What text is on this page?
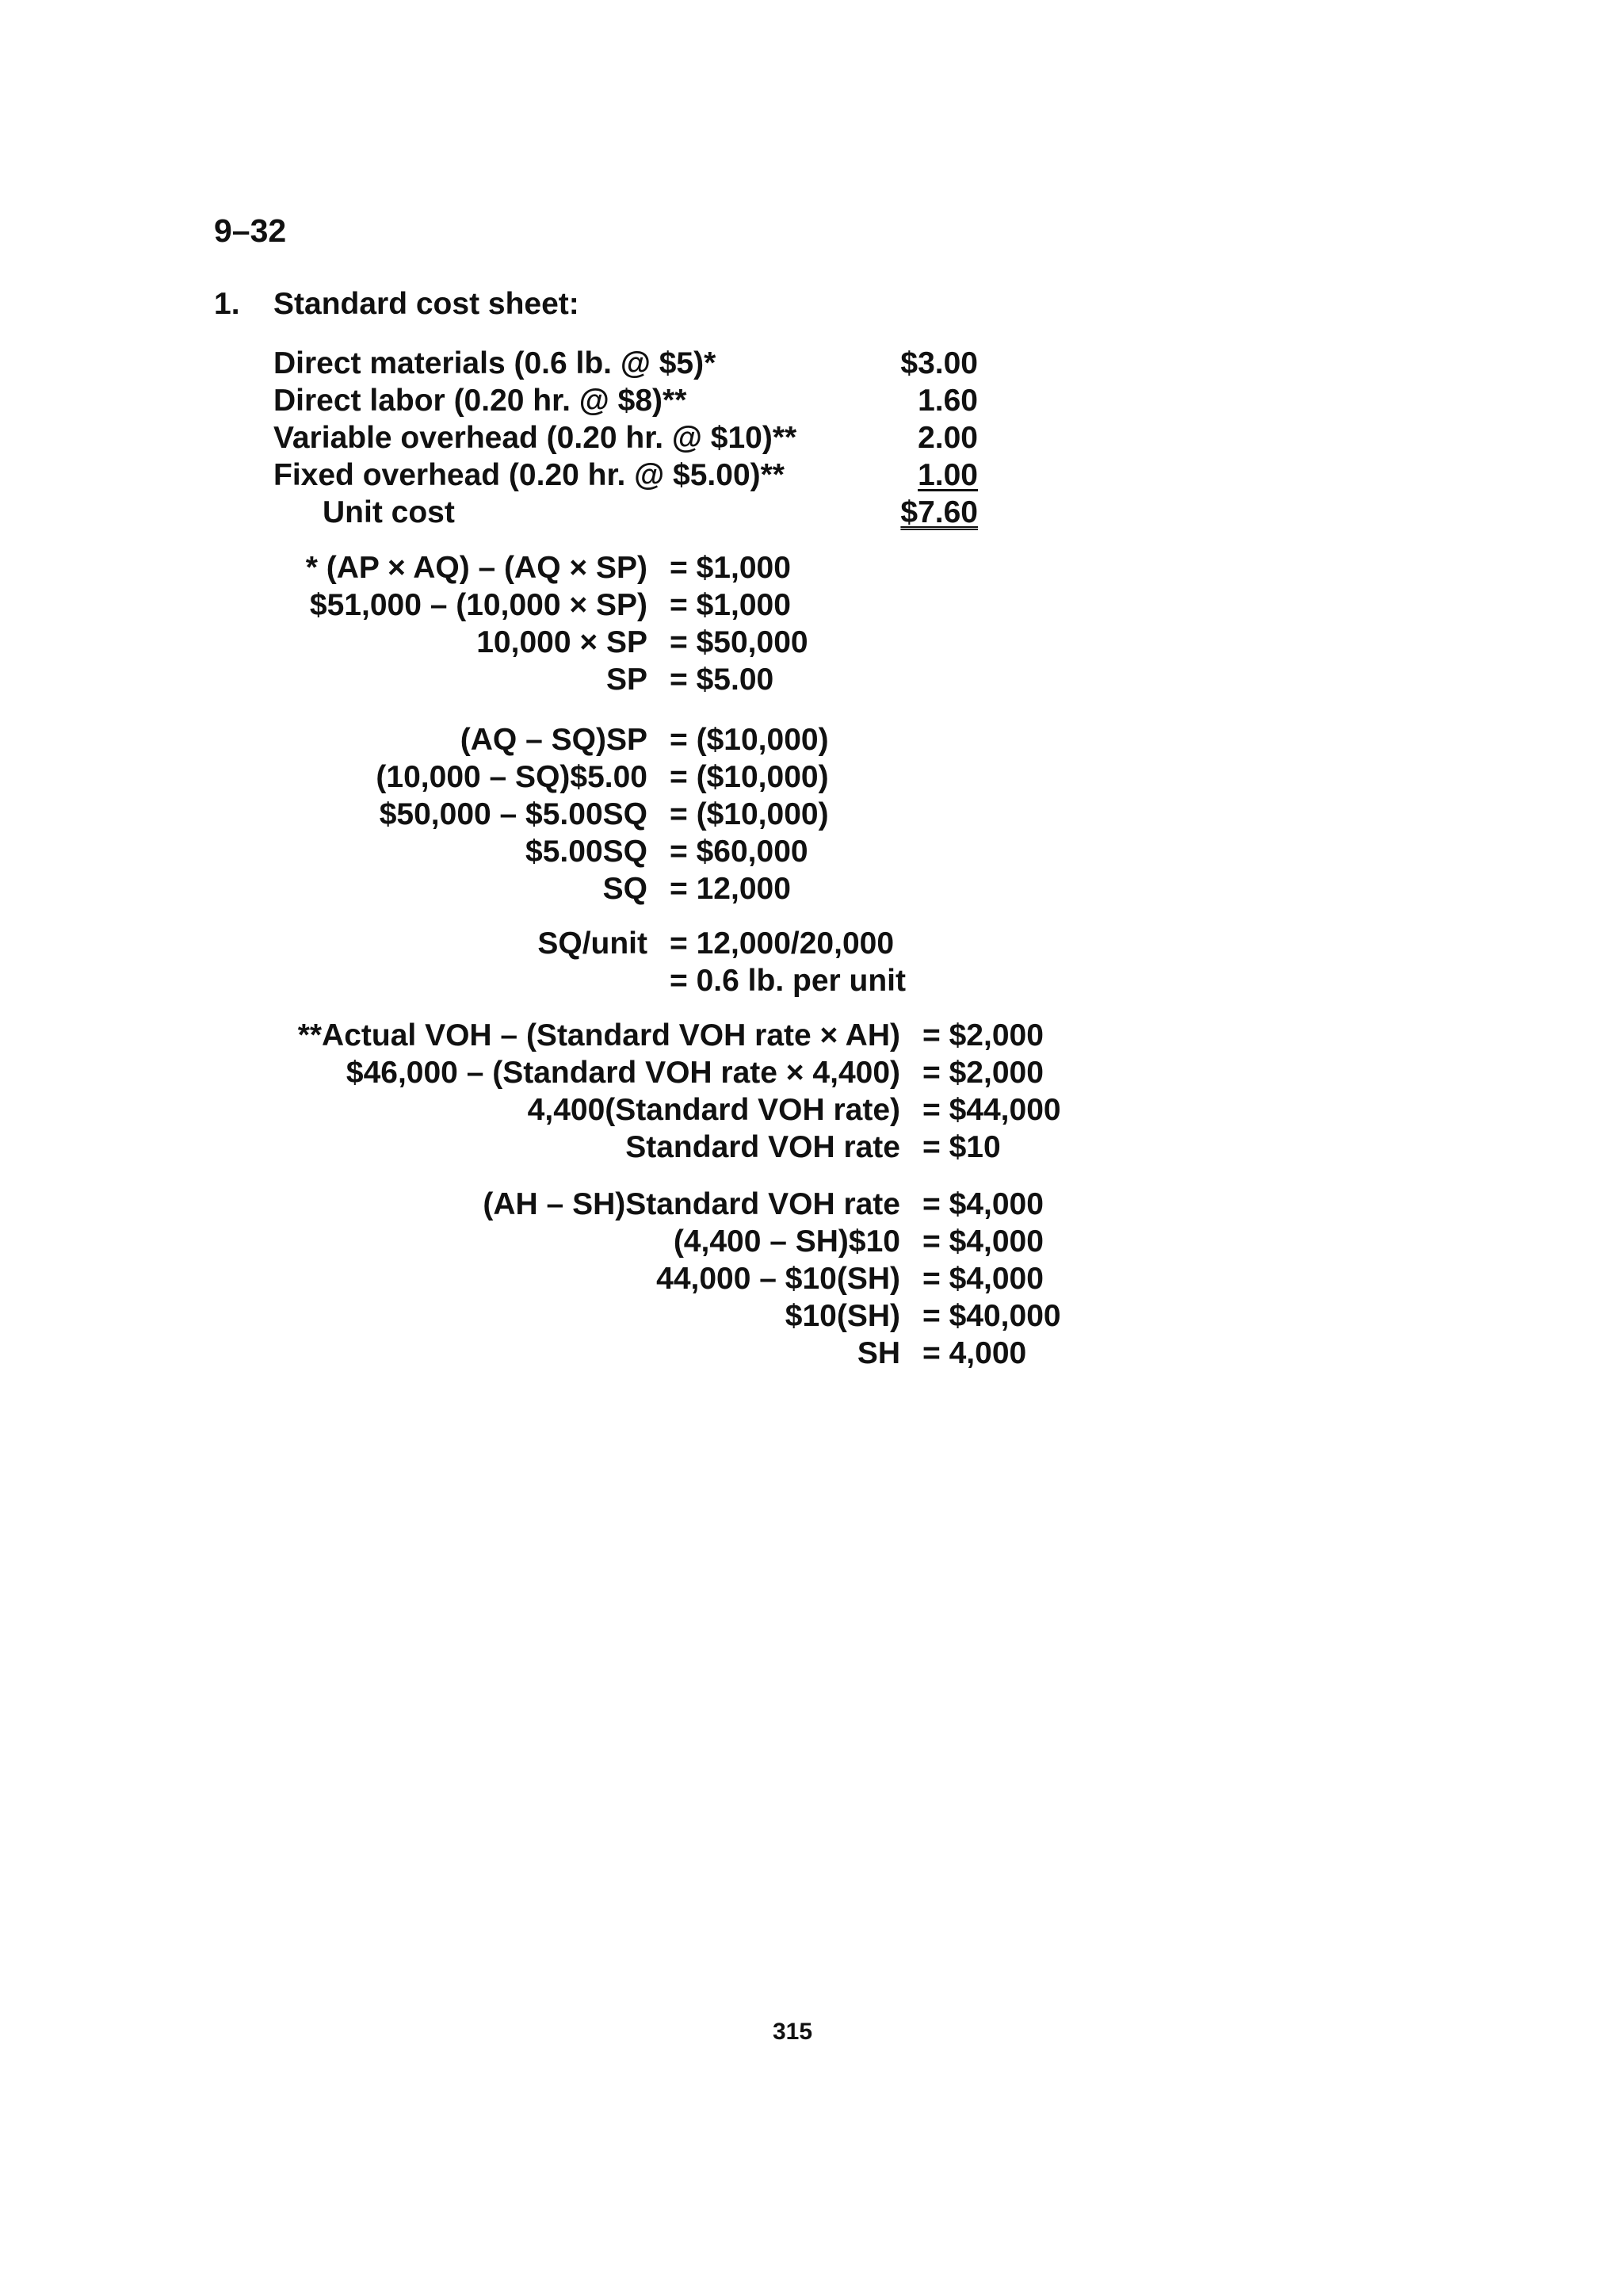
9–32
1. Standard cost sheet:
Direct materials (0.6 lb. @ $5)*	$3.00
Direct labor (0.20 hr. @ $8)**	1.60
Variable overhead (0.20 hr. @ $10)**	2.00
Fixed overhead (0.20 hr. @ $5.00)**	1.00
Unit cost	$7.60
* (AP × AQ) – (AQ × SP) = $1,000
$51,000 – (10,000 × SP) = $1,000
10,000 × SP = $50,000
SP = $5.00
(AQ – SQ)SP = ($10,000)
(10,000 – SQ)$5.00 = ($10,000)
$50,000 – $5.00SQ = ($10,000)
$5.00SQ = $60,000
SQ = 12,000
SQ/unit = 12,000/20,000
= 0.6 lb. per unit
**Actual VOH – (Standard VOH rate × AH) = $2,000
$46,000 – (Standard VOH rate × 4,400) = $2,000
4,400(Standard VOH rate) = $44,000
Standard VOH rate = $10
(AH – SH)Standard VOH rate = $4,000
(4,400 – SH)$10 = $4,000
44,000 – $10(SH) = $4,000
$10(SH) = $40,000
SH = 4,000
315
